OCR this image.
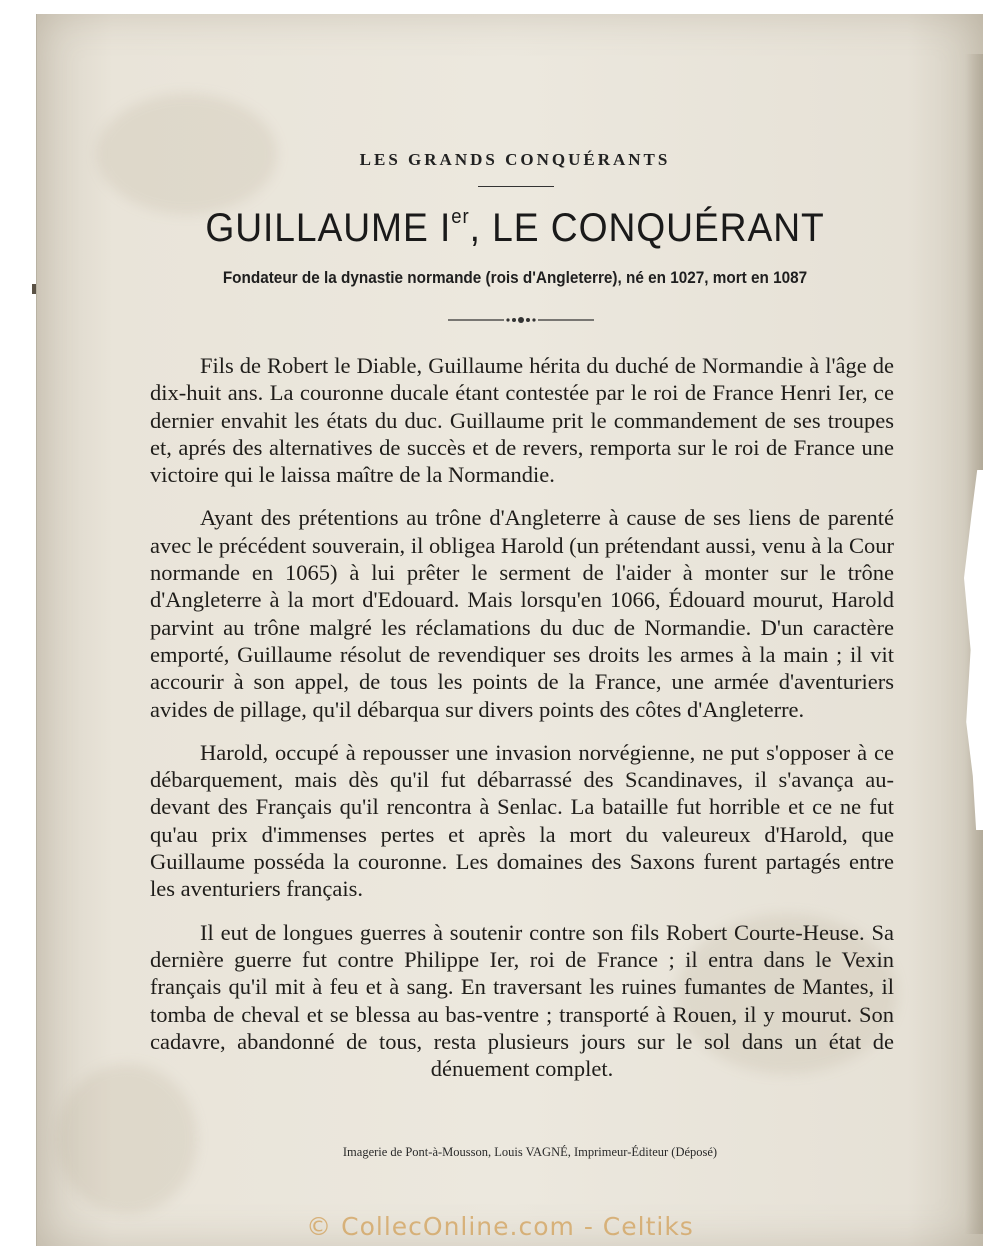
LES GRANDS CONQUÉRANTS
GUILLAUME Ier, LE CONQUÉRANT
Fondateur de la dynastie normande (rois d'Angleterre), né en 1027, mort en 1087

Fils de Robert le Diable, Guillaume hérita du duché de Normandie à l'âge de dix-huit ans. La couronne ducale étant contestée par le roi de France Henri Ier, ce dernier envahit les états du duc. Guillaume prit le commandement de ses troupes et, aprés des alternatives de succès et de revers, remporta sur le roi de France une victoire qui le laissa maître de la Normandie.

Ayant des prétentions au trône d'Angleterre à cause de ses liens de parenté avec le précédent souverain, il obligea Harold (un prétendant aussi, venu à la Cour normande en 1065) à lui prêter le serment de l'aider à monter sur le trône d'Angleterre à la mort d'Edouard. Mais lorsqu'en 1066, Édouard mourut, Harold parvint au trône malgré les réclamations du duc de Normandie. D'un caractère emporté, Guillaume résolut de revendiquer ses droits les armes à la main ; il vit accourir à son appel, de tous les points de la France, une armée d'aventuriers avides de pillage, qu'il débarqua sur divers points des côtes d'Angleterre.

Harold, occupé à repousser une invasion norvégienne, ne put s'opposer à ce débarquement, mais dès qu'il fut débarrassé des Scandinaves, il s'avança au-devant des Français qu'il rencontra à Senlac. La bataille fut horrible et ce ne fut qu'au prix d'immenses pertes et après la mort du valeureux d'Harold, que Guillaume posséda la couronne. Les domaines des Saxons furent partagés entre les aventuriers français.

Il eut de longues guerres à soutenir contre son fils Robert Courte-Heuse. Sa dernière guerre fut contre Philippe Ier, roi de France ; il entra dans le Vexin français qu'il mit à feu et à sang. En traversant les ruines fumantes de Mantes, il tomba de cheval et se blessa au bas-ventre ; transporté à Rouen, il y mourut. Son cadavre, abandonné de tous, resta plusieurs jours sur le sol dans un état de dénuement complet.

Imagerie de Pont-à-Mousson, Louis VAGNÉ, Imprimeur-Éditeur (Déposé)
© CollecOnline.com - Celtiks
